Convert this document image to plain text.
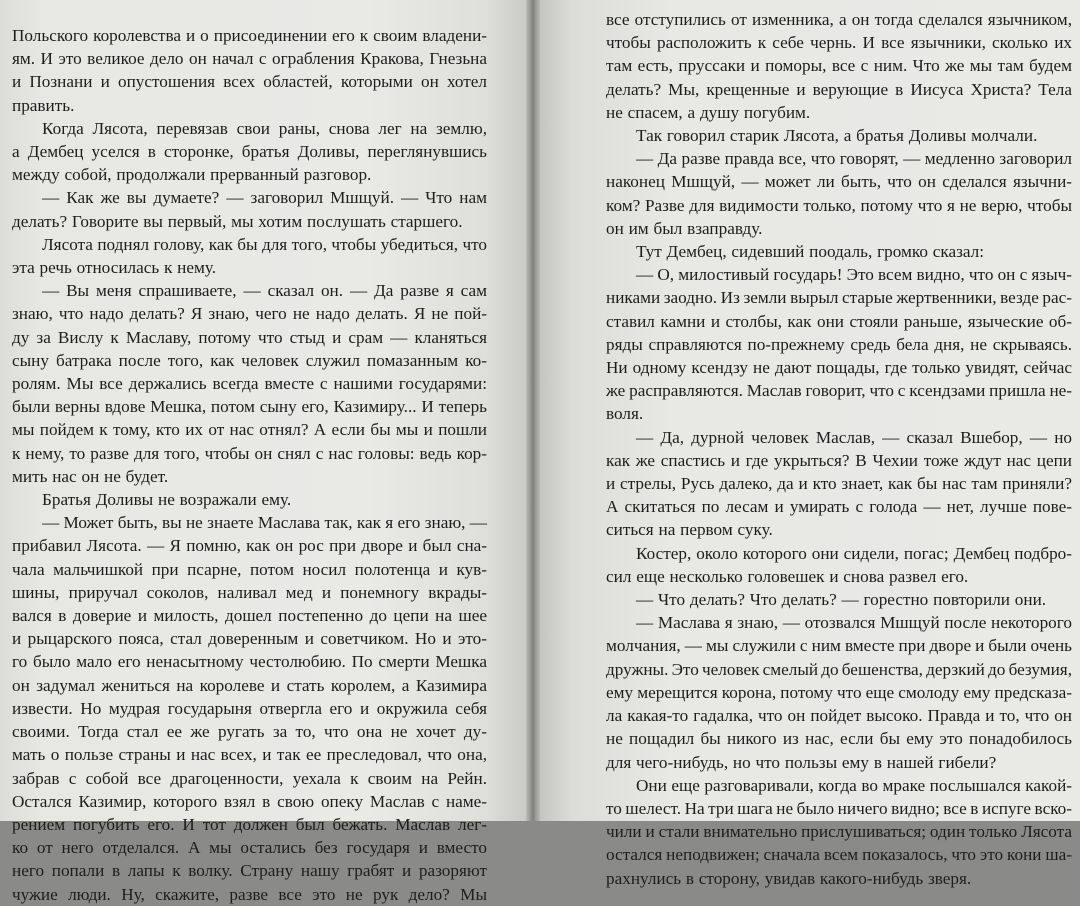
Польского королевства и о присоединении его к своим владени-
ям. И это великое дело он начал с ограбления Кракова, Гнезьна
и Познани и опустошения всех областей, которыми он хотел
править.
Когда Лясота, перевязав свои раны, снова лег на землю,
а Дембец уселся в сторонке, братья Доливы, переглянувшись
между собой, продолжали прерванный разговор.
— Как же вы думаете? — заговорил Мшщуй. — Что нам
делать? Говорите вы первый, мы хотим послушать старшего.
Лясота поднял голову, как бы для того, чтобы убедиться, что
эта речь относилась к нему.
— Вы меня спрашиваете, — сказал он. — Да разве я сам
знаю, что надо делать? Я знаю, чего не надо делать. Я не пой-
ду за Вислу к Маславу, потому что стыд и срам — кланяться
сыну батрака после того, как человек служил помазанным ко-
ролям. Мы все держались всегда вместе с нашими государями:
были верны вдове Мешка, потом сыну его, Казимиру... И теперь
мы пойдем к тому, кто их от нас отнял? А если бы мы и пошли
к нему, то разве для того, чтобы он снял с нас головы: ведь кор-
мить нас он не будет.
Братья Доливы не возражали ему.
— Может быть, вы не знаете Маслава так, как я его знаю, —
прибавил Лясота. — Я помню, как он рос при дворе и был сна-
чала мальчишкой при псарне, потом носил полотенца и кув-
шины, приручал соколов, наливал мед и понемногу вкрады-
вался в доверие и милость, дошел постепенно до цепи на шее
и рыцарского пояса, стал доверенным и советчиком. Но и это-
го было мало его ненасытному честолюбию. По смерти Мешка
он задумал жениться на королеве и стать королем, а Казимира
извести. Но мудрая государыня отвергла его и окружила себя
своими. Тогда стал ее же ругать за то, что она не хочет ду-
мать о пользе страны и нас всех, и так ее преследовал, что она,
забрав с собой все драгоценности, уехала к своим на Рейн.
Остался Казимир, которого взял в свою опеку Маслав с наме-
рением погубить его. И тот должен был бежать. Маслав лег-
ко от него отделался. А мы остались без государя и вместо
него попали в лапы к волку. Страну нашу грабят и разоряют
чужие люди. Ну, скажите, разве все это не рук дело? Мы
все отступились от изменника, а он тогда сделался язычником,
чтобы расположить к себе чернь. И все язычники, сколько их
там есть, пруссаки и поморы, все с ним. Что же мы там будем
делать? Мы, крещенные и верующие в Иисуса Христа? Тела
не спасем, а душу погубим.
Так говорил старик Лясота, а братья Доливы молчали.
— Да разве правда все, что говорят, — медленно заговорил
наконец Мшщуй, — может ли быть, что он сделался язычни-
ком? Разве для видимости только, потому что я не верю, чтобы
он им был взаправду.
Тут Дембец, сидевший поодаль, громко сказал:
— О, милостивый государь! Это всем видно, что он с языч-
никами заодно. Из земли вырыл старые жертвенники, везде рас-
ставил камни и столбы, как они стояли раньше, языческие об-
ряды справляются по-прежнему средь бела дня, не скрываясь.
Ни одному ксендзу не дают пощады, где только увидят, сейчас
же расправляются. Маслав говорит, что с ксендзами пришла не-
воля.
— Да, дурной человек Маслав, — сказал Вшебор, — но
как же спастись и где укрыться? В Чехии тоже ждут нас цепи
и стрелы, Русь далеко, да и кто знает, как бы нас там приняли?
А скитаться по лесам и умирать с голода — нет, лучше пове-
ситься на первом суку.
Костер, около которого они сидели, погас; Дембец подбро-
сил еще несколько головешек и снова развел его.
— Что делать? Что делать? — горестно повторили они.
— Маслава я знаю, — отозвался Мшщуй после некоторого
молчания, — мы служили с ним вместе при дворе и были очень
дружны. Это человек смелый до бешенства, дерзкий до безумия,
ему мерещится корона, потому что еще смолоду ему предсказа-
ла какая-то гадалка, что он пойдет высоко. Правда и то, что он
не пощадил бы никого из нас, если бы ему это понадобилось
для чего-нибудь, но что пользы ему в нашей гибели?
Они еще разговаривали, когда во мраке послышался какой-
то шелест. На три шага не было ничего видно; все в испуге вско-
чили и стали внимательно прислушиваться; один только Лясота
остался неподвижен; сначала всем показалось, что это кони ша-
рахнулись в сторону, увидав какого-нибудь зверя.
